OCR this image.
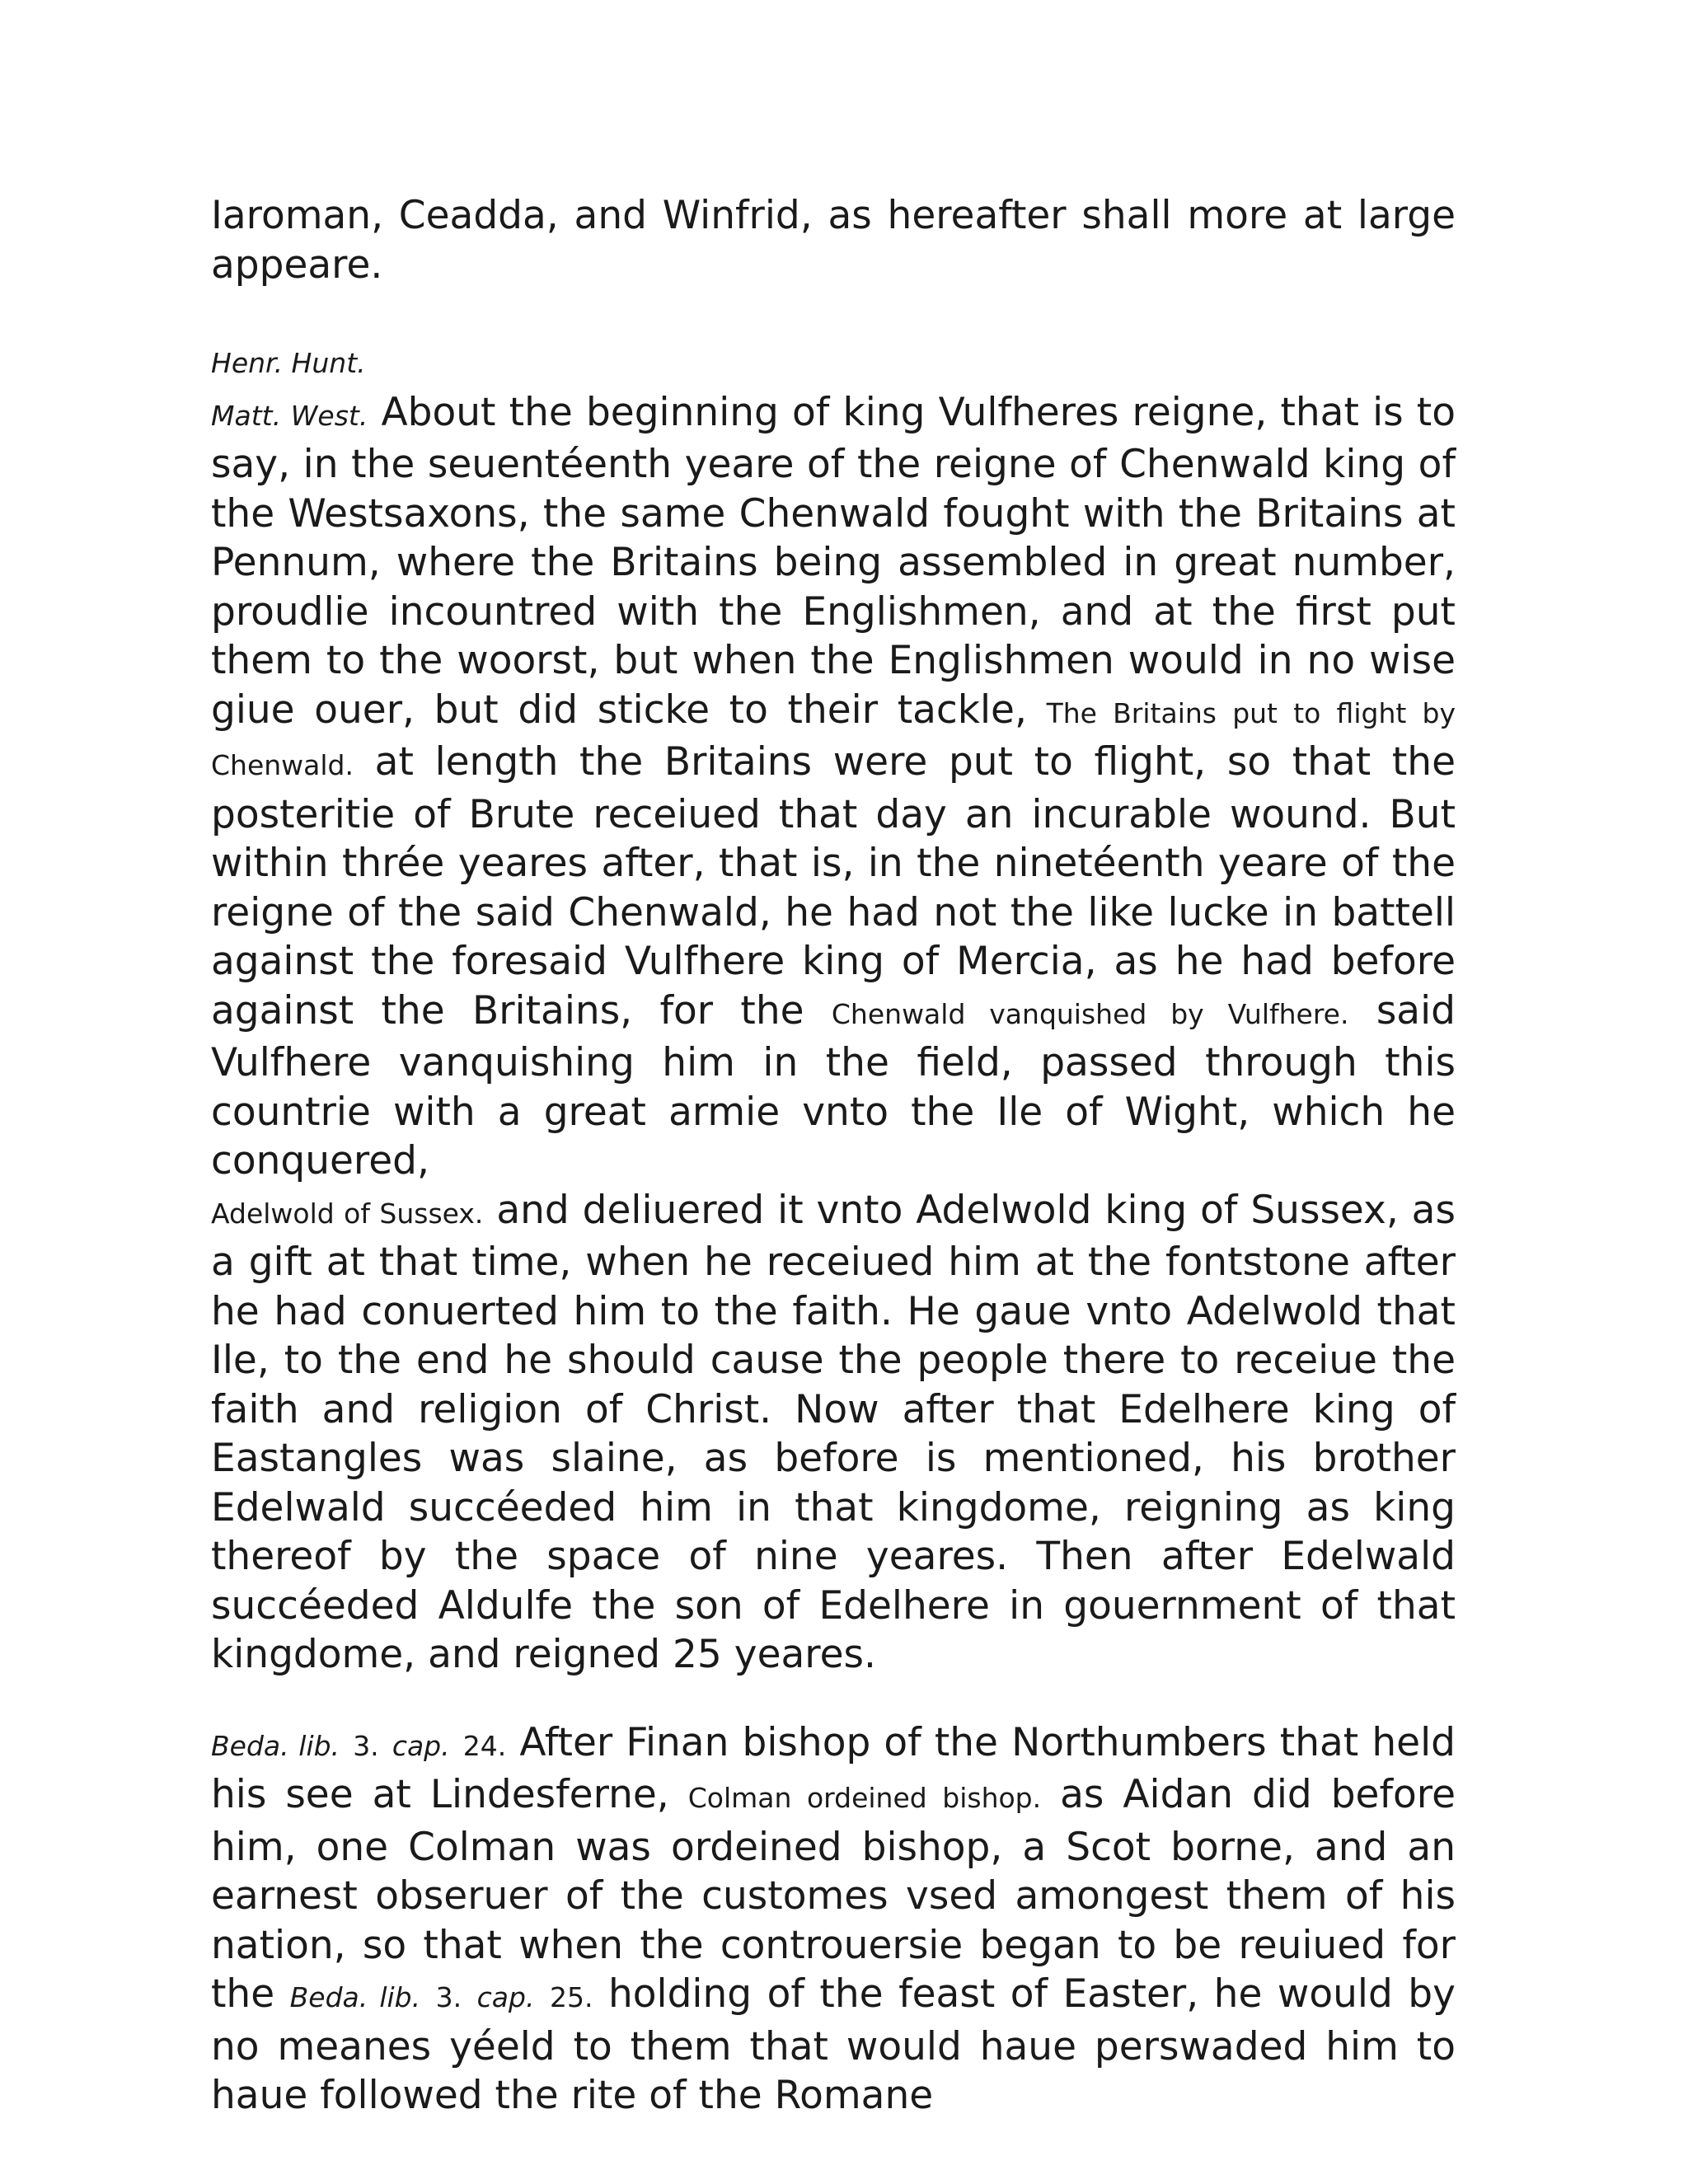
Iaroman, Ceadda, and Winfrid, as hereafter shall more at large appeare.

Henr. Hunt.

Matt. West. About the beginning of king Vulfheres reigne, that is to say, in the seuentéenth yeare of the reigne of Chenwald king of the Westsaxons, the same Chenwald fought with the Britains at Pennum, where the Britains being assembled in great number, proudlie incountred with the Englishmen, and at the first put them to the woorst, but when the Englishmen would in no wise giue ouer, but did sticke to their tackle, The Britains put to flight by Chenwald. at length the Britains were put to flight, so that the posteritie of Brute receiued that day an incurable wound. But within thrée yeares after, that is, in the ninetéenth yeare of the reigne of the said Chenwald, he had not the like lucke in battell against the foresaid Vulfhere king of Mercia, as he had before against the Britains, for the Chenwald vanquished by Vulfhere. said Vulfhere vanquishing him in the field, passed through this countrie with a great armie vnto the Ile of Wight, which he conquered,

Adelwold of Sussex. and deliuered it vnto Adelwold king of Sussex, as a gift at that time, when he receiued him at the fontstone after he had conuerted him to the faith. He gaue vnto Adelwold that Ile, to the end he should cause the people there to receiue the faith and religion of Christ. Now after that Edelhere king of Eastangles was slaine, as before is mentioned, his brother Edelwald succéeded him in that kingdome, reigning as king thereof by the space of nine yeares. Then after Edelwald succéeded Aldulfe the son of Edelhere in gouernment of that kingdome, and reigned 25 yeares.

Beda. lib. 3. cap. 24. After Finan bishop of the Northumbers that held his see at Lindesferne, Colman ordeined bishop. as Aidan did before him, one Colman was ordeined bishop, a Scot borne, and an earnest obseruer of the customes vsed amongest them of his nation, so that when the controuersie began to be reuiued for the Beda. lib. 3. cap. 25. holding of the feast of Easter, he would by no meanes yéeld to them that would haue perswaded him to haue followed the rite of the Romane
